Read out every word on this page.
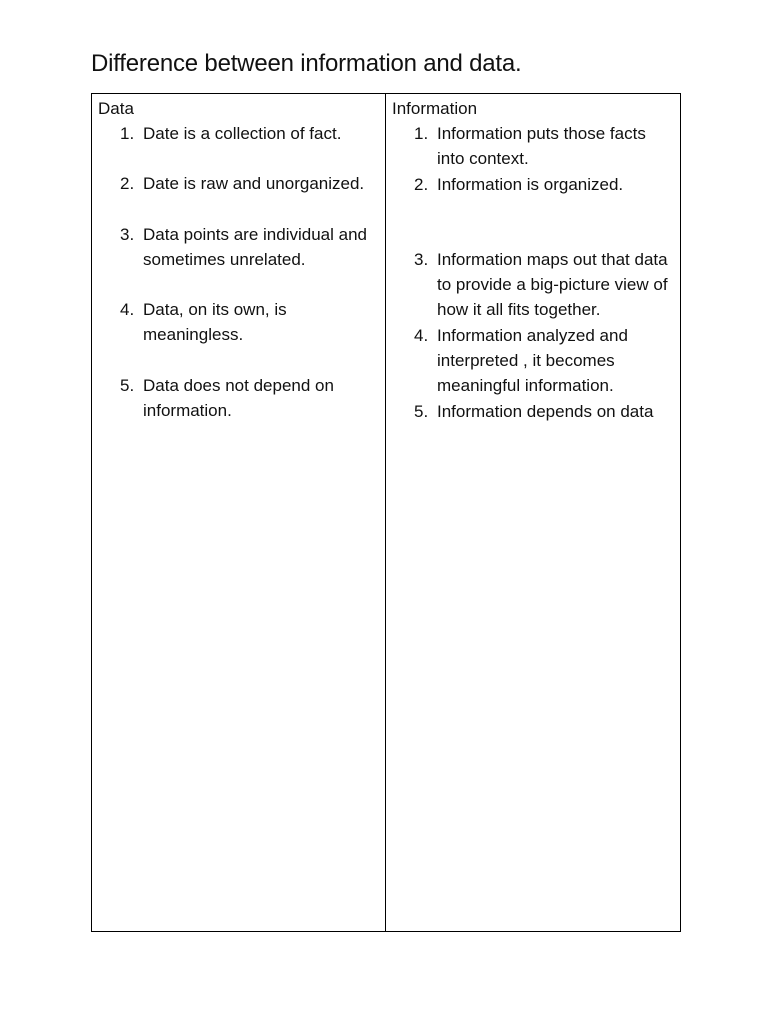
Difference between information and data.
Data
1. Date is a collection of fact.
2. Date is raw and unorganized.
3. Data points are individual and sometimes unrelated.
4. Data, on its own, is meaningless.
5. Data does not depend on information.

Information
1. Information puts those facts into context.
2. Information is organized.
3. Information maps out that data to provide a big-picture view of how it all fits together.
4. Information analyzed and interpreted , it becomes meaningful information.
5. Information depends on data
